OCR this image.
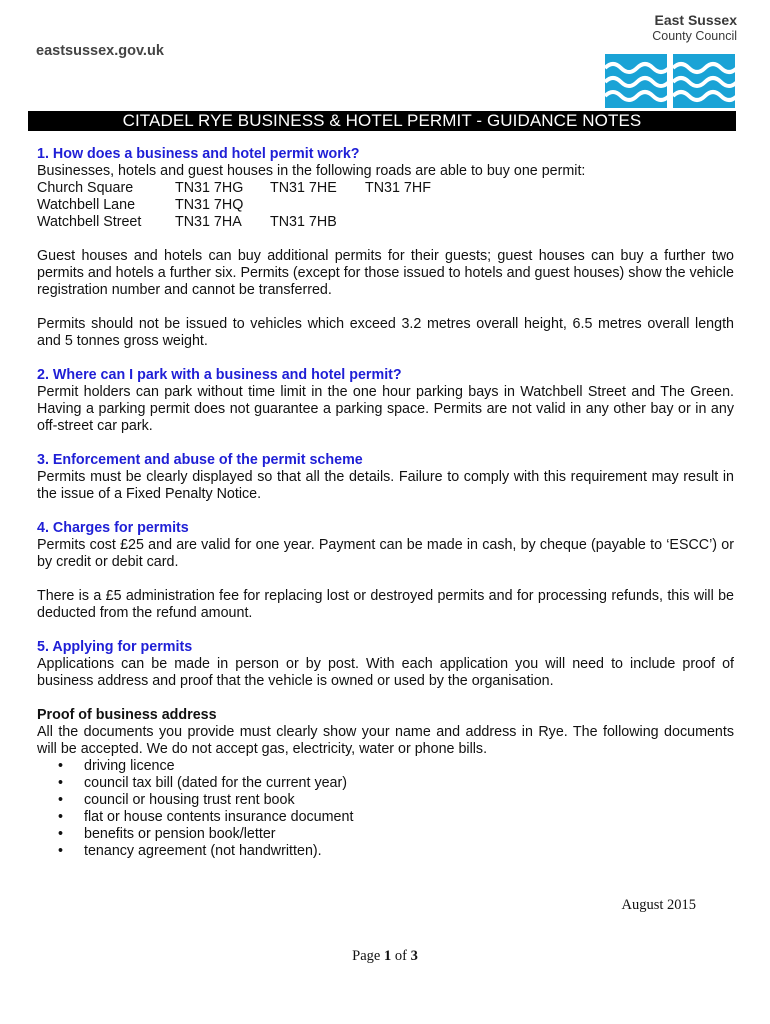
eastsussex.gov.uk
East Sussex
County Council
CITADEL RYE BUSINESS & HOTEL PERMIT - GUIDANCE NOTES

1. How does a business and hotel permit work?

Businesses, hotels and guest houses in the following roads are able to buy one permit:

Church Square	TN31 7HG	TN31 7HE	TN31 7HF
Watchbell Lane	TN31 7HQ
Watchbell Street	TN31 7HA	TN31 7HB

Guest houses and hotels can buy additional permits for their guests; guest houses can buy a further two permits and hotels a further six. Permits (except for those issued to hotels and guest houses) show the vehicle registration number and cannot be transferred.

Permits should not be issued to vehicles which exceed 3.2 metres overall height, 6.5 metres overall length and 5 tonnes gross weight.

2. Where can I park with a business and hotel permit?

Permit holders can park without time limit in the one hour parking bays in Watchbell Street and The Green. Having a parking permit does not guarantee a parking space. Permits are not valid in any other bay or in any off-street car park.

3. Enforcement and abuse of the permit scheme

Permits must be clearly displayed so that all the details. Failure to comply with this requirement may result in the issue of a Fixed Penalty Notice.

4. Charges for permits

Permits cost £25 and are valid for one year. Payment can be made in cash, by cheque (payable to ‘ESCC’) or by credit or debit card.

There is a £5 administration fee for replacing lost or destroyed permits and for processing refunds, this will be deducted from the refund amount.

5. Applying for permits

Applications can be made in person or by post. With each application you will need to include proof of business address and proof that the vehicle is owned or used by the organisation.

Proof of business address

All the documents you provide must clearly show your name and address in Rye. The following documents will be accepted. We do not accept gas, electricity, water or phone bills.

• driving licence
• council tax bill (dated for the current year)
• council or housing trust rent book
• flat or house contents insurance document
• benefits or pension book/letter
• tenancy agreement (not handwritten).
August 2015
Page 1 of 3
